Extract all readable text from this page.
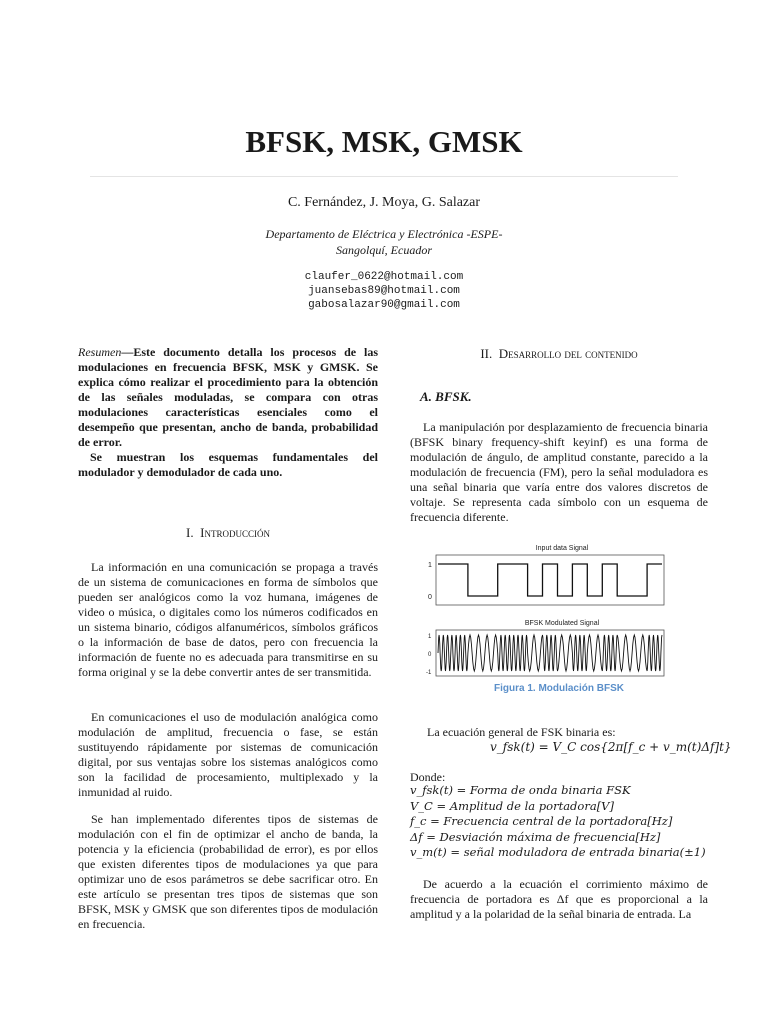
BFSK, MSK, GMSK
C. Fernández, J. Moya, G. Salazar
Departamento de Eléctrica y Electrónica -ESPE-
Sangolquí, Ecuador
claufer_0622@hotmail.com
juansebas89@hotmail.com
gabosalazar90@gmail.com
Resumen—Este documento detalla los procesos de las modulaciones en frecuencia BFSK, MSK y GMSK. Se explica cómo realizar el procedimiento para la obtención de las señales moduladas, se compara con otras modulaciones características esenciales como el desempeño que presentan, ancho de banda, probabilidad de error.
Se muestran los esquemas fundamentales del modulador y demodulador de cada uno.
I. Introducción

La información en una comunicación se propaga a través de un sistema de comunicaciones en forma de símbolos que pueden ser analógicos como la voz humana, imágenes de video o música, o digitales como los números codificados en un sistema binario, códigos alfanuméricos, símbolos gráficos o la información de base de datos, pero con frecuencia la información de fuente no es adecuada para transmitirse en su forma original y se la debe convertir antes de ser transmitida.

En comunicaciones el uso de modulación analógica como modulación de amplitud, frecuencia o fase, se están sustituyendo rápidamente por sistemas de comunicación digital, por sus ventajas sobre los sistemas analógicos como son la facilidad de procesamiento, multiplexado y la inmunidad al ruido.

Se han implementado diferentes tipos de sistemas de modulación con el fin de optimizar el ancho de banda, la potencia y la eficiencia (probabilidad de error), es por ellos que existen diferentes tipos de modulaciones ya que para optimizar uno de esos parámetros se debe sacrificar otro. En este artículo se presentan tres tipos de sistemas que son BFSK, MSK y GMSK que son diferentes tipos de modulación en frecuencia.

II. Desarrollo del contenido
A. BFSK.

La manipulación por desplazamiento de frecuencia binaria (BFSK binary frequency-shift keyinf) es una forma de modulación de ángulo, de amplitud constante, parecido a la modulación de frecuencia (FM), pero la señal moduladora es una señal binaria que varía entre dos valores discretos de voltaje. Se representa cada símbolo con un esquema de frecuencia diferente.

Input data Signal
1
0
BFSK Modulated Signal
1
0
-1
Figura 1. Modulación BFSK
La ecuación general de FSK binaria es:
v_fsk(t) = V_C cos{2π[f_c + v_m(t)Δf]t}
Donde:
v_fsk(t) = Forma de onda binaria FSK
V_C = Amplitud de la portadora[V]
f_c = Frecuencia central de la portadora[Hz]
Δf = Desviación máxima de frecuencia[Hz]
v_m(t) = señal moduladora de entrada binaria(±1)

De acuerdo a la ecuación el corrimiento máximo de frecuencia de portadora es Δf que es proporcional a la amplitud y a la polaridad de la señal binaria de entrada. La
